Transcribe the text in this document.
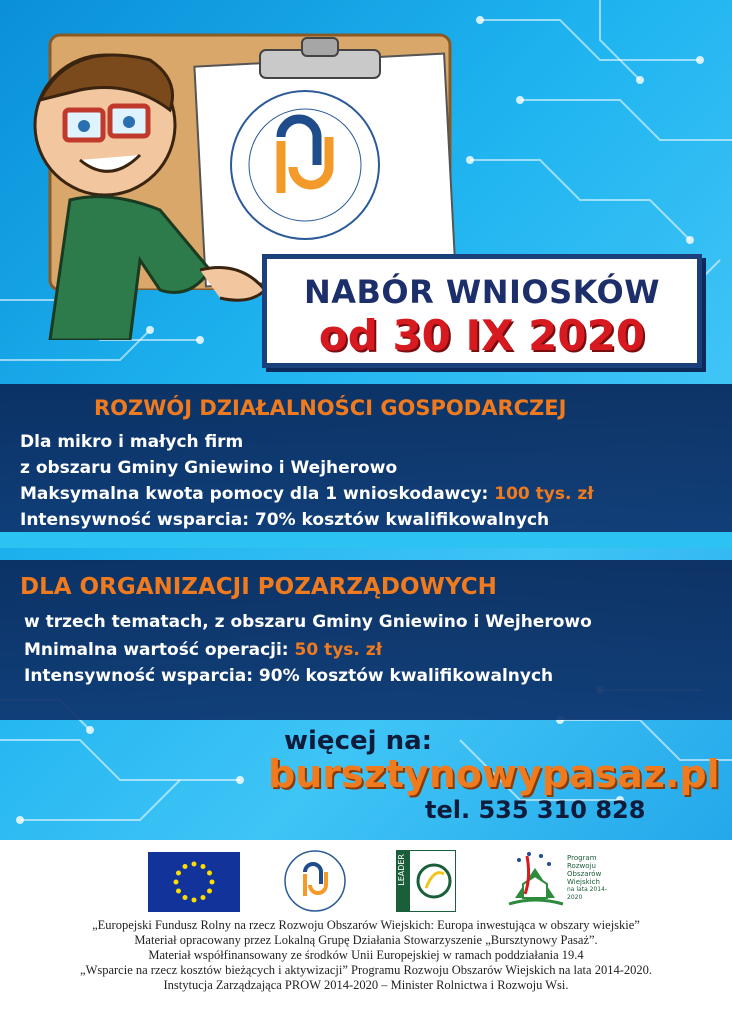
NABÓR WNIOSKÓW
od 30 IX 2020
ROZWÓJ DZIAŁALNOŚCI GOSPODARCZEJ
Dla mikro i małych firm
z obszaru Gminy Gniewino i Wejherowo
Maksymalna kwota pomocy dla 1 wnioskodawcy: 100 tys. zł
Intensywność wsparcia: 70% kosztów kwalifikowalnych
DLA ORGANIZACJI POZARZĄDOWYCH
w trzech tematach, z obszaru Gminy Gniewino i Wejherowo
Mnimalna wartość operacji: 50 tys. zł
Intensywność wsparcia: 90% kosztów kwalifikowalnych
więcej na:
bursztynowypasaz.pl
tel. 535 310 828
LEADER	Program
Rozwoju
Obszarów
Wiejskich
na lata 2014-2020
„Europejski Fundusz Rolny na rzecz Rozwoju Obszarów Wiejskich: Europa inwestująca w obszary wiejskie”
Materiał opracowany przez Lokalną Grupę Działania Stowarzyszenie „Bursztynowy Pasaż”.
Materiał współfinansowany ze środków Unii Europejskiej w ramach poddziałania 19.4
„Wsparcie na rzecz kosztów bieżących i aktywizacji” Programu Rozwoju Obszarów Wiejskich na lata 2014-2020.
Instytucja Zarządzająca PROW 2014-2020 – Minister Rolnictwa i Rozwoju Wsi.
